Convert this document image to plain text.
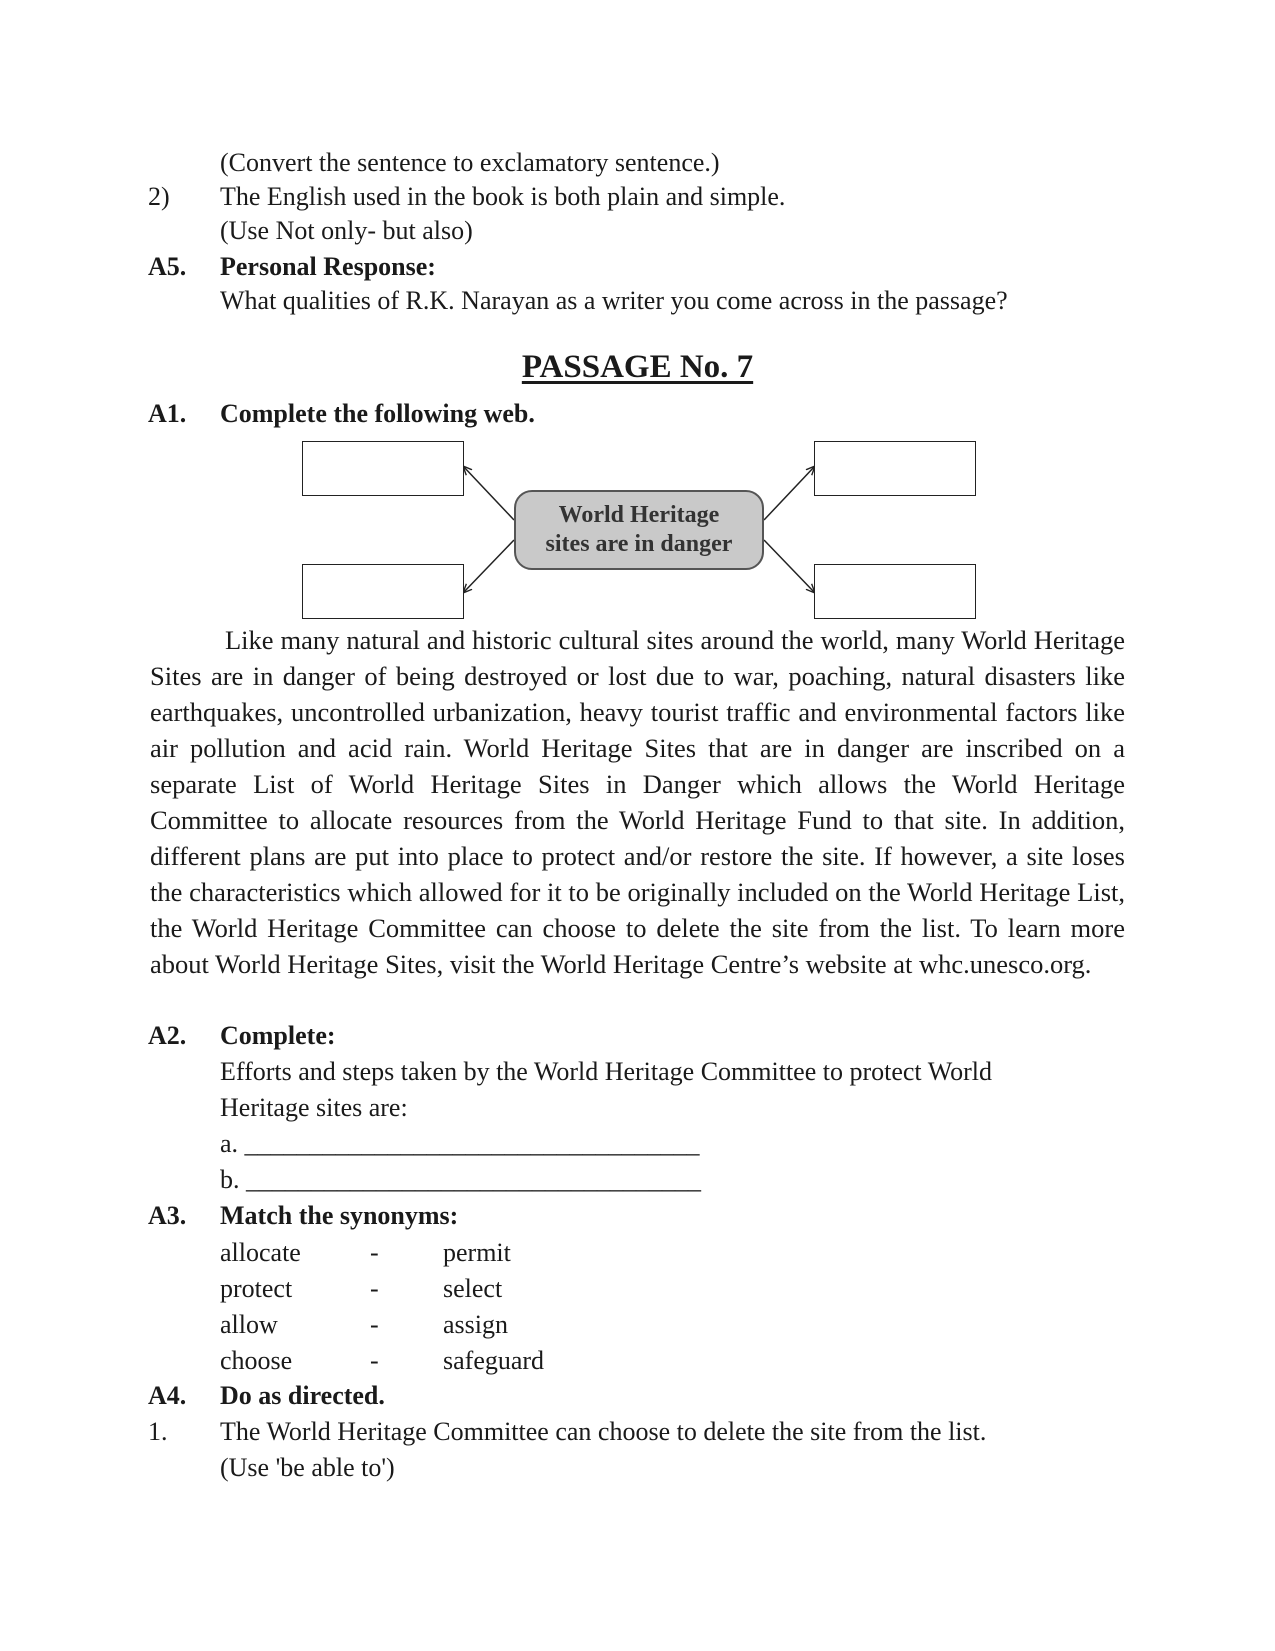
(Convert the sentence to exclamatory sentence.)
2) The English used in the book is both plain and simple.
(Use Not only- but also)
A5. Personal Response:
What qualities of R.K. Narayan as a writer you come across in the passage?
PASSAGE No. 7
A1. Complete the following web.
World Heritage
sites are in danger
Like many natural and historic cultural sites around the world, many World Heritage Sites are in danger of being destroyed or lost due to war, poaching, natural disasters like earthquakes, uncontrolled urbanization, heavy tourist traffic and environmental factors like air pollution and acid rain. World Heritage Sites that are in danger are inscribed on a separate List of World Heritage Sites in Danger which allows the World Heritage Committee to allocate resources from the World Heritage Fund to that site. In addition, different plans are put into place to protect and/or restore the site. If however, a site loses the characteristics which allowed for it to be originally included on the World Heritage List, the World Heritage Committee can choose to delete the site from the list. To learn more about World Heritage Sites, visit the World Heritage Centre’s website at whc.unesco.org.
A2. Complete:
Efforts and steps taken by the World Heritage Committee to protect World
Heritage sites are:
a. ___________________________________
b. ___________________________________
A3. Match the synonyms:
allocate
protect
allow
choose
-
-
-
-
permit
select
assign
safeguard
A4. Do as directed.
1. The World Heritage Committee can choose to delete the site from the list.
(Use 'be able to')
